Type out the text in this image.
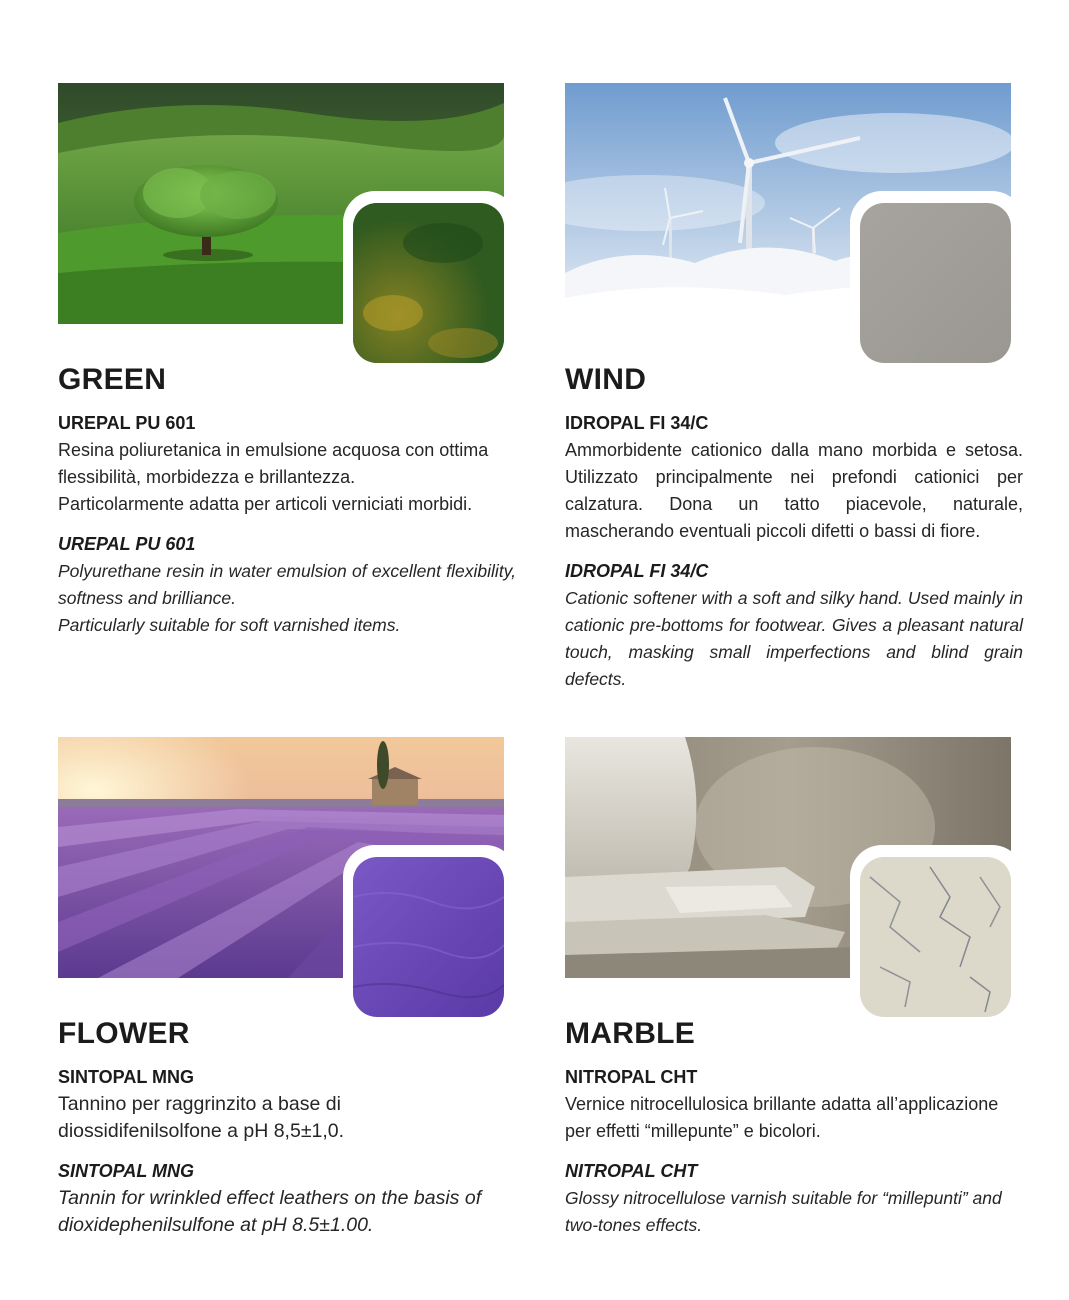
GREEN
UREPAL PU 601
Resina poliuretanica in emulsione acquosa con ottima flessibilità, morbidezza e brillantezza.
Particolarmente adatta per articoli verniciati morbidi.
UREPAL PU 601
Polyurethane resin in water emulsion of excellent flexibility, softness and brilliance.
Particularly suitable for soft varnished items.
WIND
IDROPAL FI 34/C
Ammorbidente cationico dalla mano morbida e setosa. Utilizzato principalmente nei prefondi cationici per calzatura. Dona un tatto piacevole, naturale, mascherando eventuali piccoli difetti o bassi di fiore.
IDROPAL FI 34/C
Cationic softener with a soft and silky hand. Used mainly in cationic pre-bottoms for footwear. Gives a pleasant natural touch, masking small imperfections and blind grain defects.
FLOWER
SINTOPAL MNG
Tannino per raggrinzito a base di
diossidifenilsolfone a pH 8,5±1,0.
SINTOPAL MNG
Tannin for wrinkled effect leathers on the basis of
dioxidephenilsulfone at pH 8.5±1.00.
MARBLE
NITROPAL CHT
Vernice nitrocellulosica brillante adatta all’applicazione
per effetti “millepunte” e bicolori.
NITROPAL CHT
Glossy nitrocellulose varnish suitable for “millepunti” and
two-tones effects.
